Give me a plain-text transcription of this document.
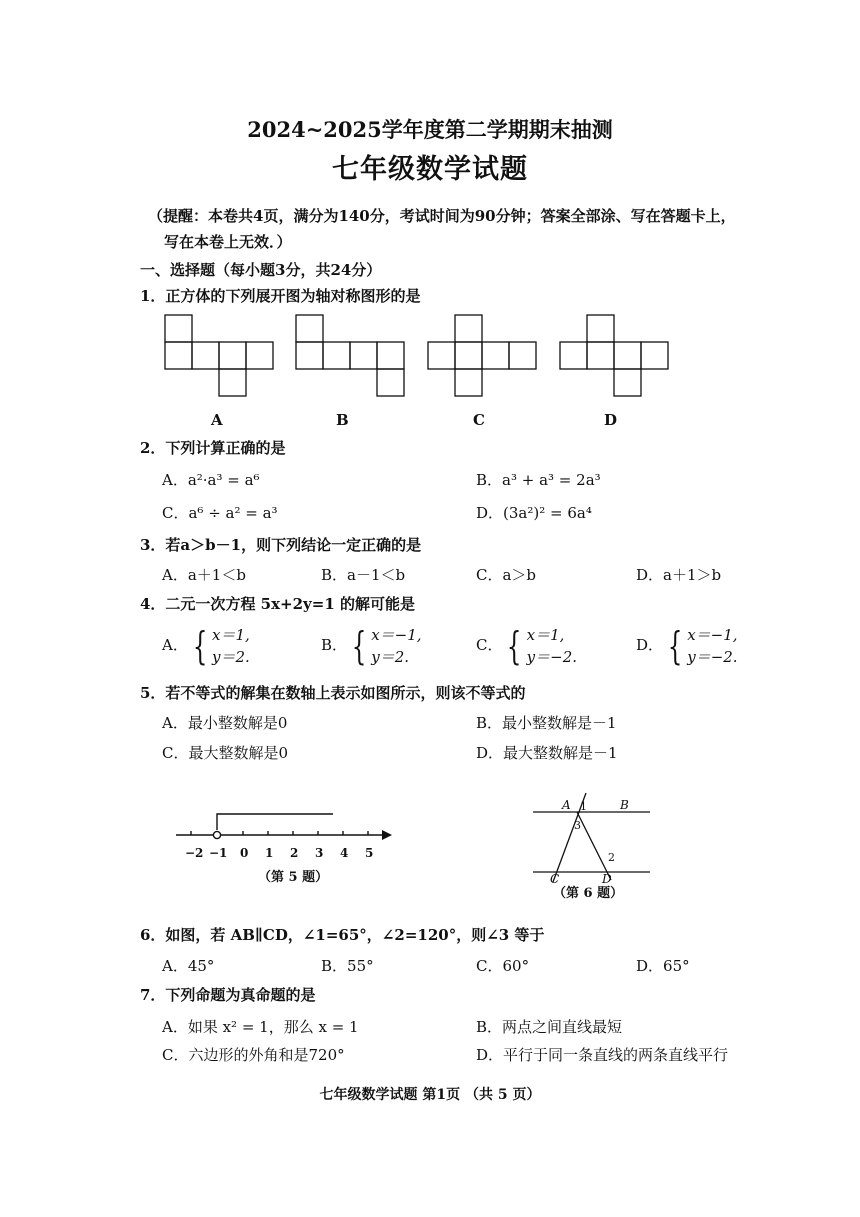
2024~2025学年度第二学期期末抽测
七年级数学试题
（提醒：本卷共4页，满分为140分，考试时间为90分钟；答案全部涂、写在答题卡上，
写在本卷上无效．）
一、选择题（每小题3分，共24分）
1．正方体的下列展开图为轴对称图形的是
A	B	C	D
2．下列计算正确的是
A．a²·a³ = a⁶	B．a³ + a³ = 2a³
C．a⁶ ÷ a² = a³	D．(3a²)² = 6a⁴
3．若a＞b－1，则下列结论一定正确的是
A．a＋1＜b	B．a－1＜b	C．a＞b	D．a＋1＞b
4．二元一次方程 5x+2y=1 的解可能是
A． { x＝1,
y＝2.
B． { x＝−1,
y＝2.
C． { x＝1,
y＝−2.
D． { x＝−1,
y＝−2.
5．若不等式的解集在数轴上表示如图所示，则该不等式的
A．最小整数解是0	B．最小整数解是－1
C．最大整数解是0	D．最大整数解是－1
−2 −1 0 1 2 3 4 5
（第 5 题）
A	B
C	D
1
2
3
（第 6 题）
6．如图，若 AB∥CD，∠1=65°，∠2=120°，则∠3 等于
A．45°	B．55°	C．60°	D．65°
7．下列命题为真命题的是
A．如果 x² = 1，那么 x = 1	B．两点之间直线最短
C．六边形的外角和是720°	D．平行于同一条直线的两条直线平行
七年级数学试题 第1页 （共 5 页）
